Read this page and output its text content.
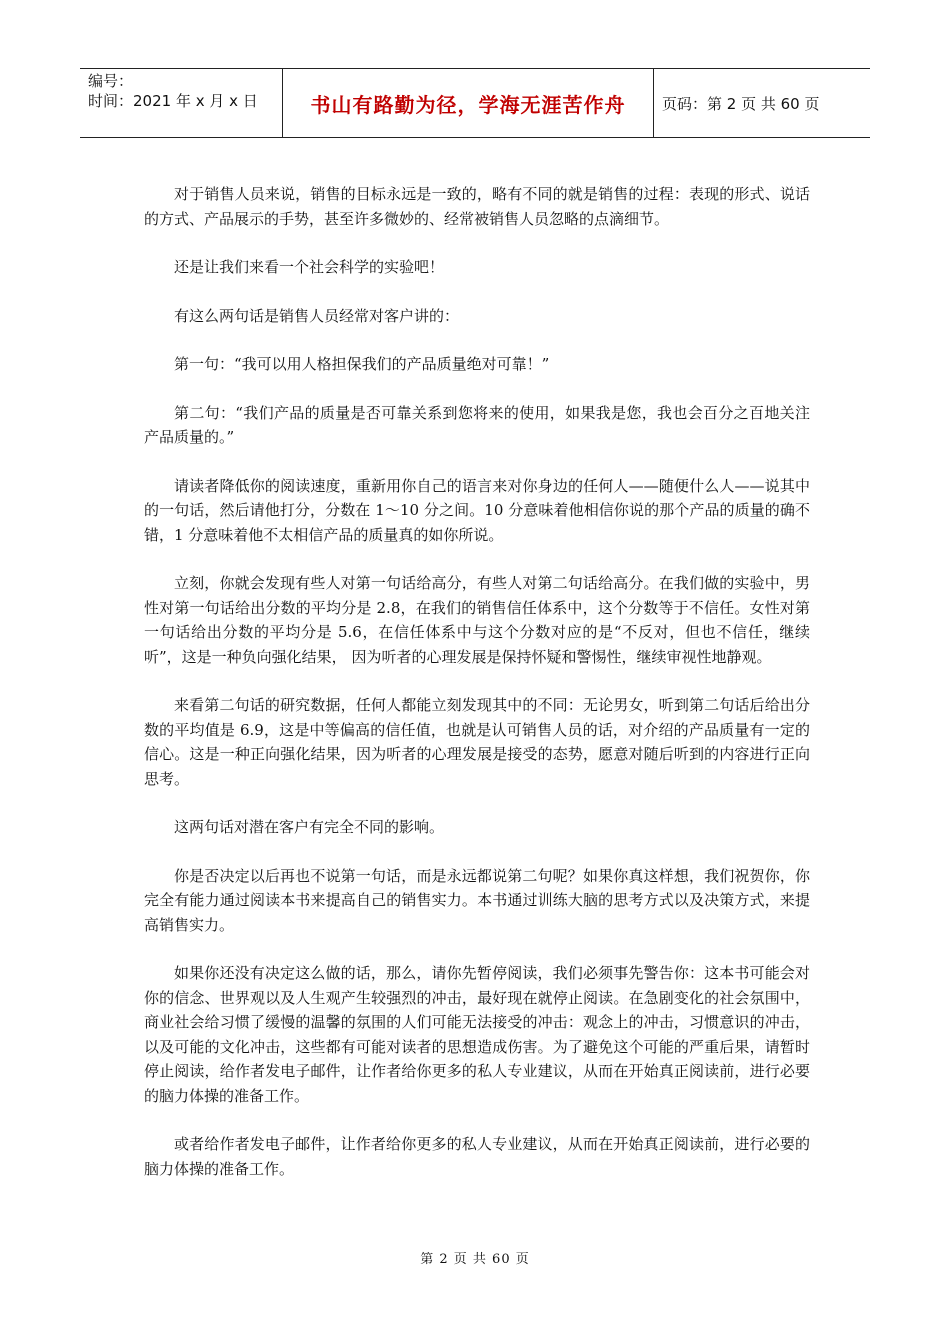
编号：
时间：2021 年 x 月 x 日	书山有路勤为径，学海无涯苦作舟	页码：第 2 页 共 60 页

对于销售人员来说，销售的目标永远是一致的，略有不同的就是销售的过程：表现的形式、说话的方式、产品展示的手势，甚至许多微妙的、经常被销售人员忽略的点滴细节。

还是让我们来看一个社会科学的实验吧！

有这么两句话是销售人员经常对客户讲的：

第一句：“我可以用人格担保我们的产品质量绝对可靠！”

第二句：“我们产品的质量是否可靠关系到您将来的使用，如果我是您，我也会百分之百地关注产品质量的。”

请读者降低你的阅读速度，重新用你自己的语言来对你身边的任何人——随便什么人——说其中的一句话，然后请他打分，分数在 1～10 分之间。10 分意味着他相信你说的那个产品的质量的确不错，1 分意味着他不太相信产品的质量真的如你所说。

立刻，你就会发现有些人对第一句话给高分，有些人对第二句话给高分。在我们做的实验中，男性对第一句话给出分数的平均分是 2.8，在我们的销售信任体系中，这个分数等于不信任。女性对第一句话给出分数的平均分是 5.6，在信任体系中与这个分数对应的是“不反对，但也不信任，继续听”，这是一种负向强化结果， 因为听者的心理发展是保持怀疑和警惕性，继续审视性地静观。

来看第二句话的研究数据，任何人都能立刻发现其中的不同：无论男女，听到第二句话后给出分数的平均值是 6.9，这是中等偏高的信任值，也就是认可销售人员的话，对介绍的产品质量有一定的信心。这是一种正向强化结果，因为听者的心理发展是接受的态势，愿意对随后听到的内容进行正向思考。

这两句话对潜在客户有完全不同的影响。

你是否决定以后再也不说第一句话，而是永远都说第二句呢？如果你真这样想，我们祝贺你，你完全有能力通过阅读本书来提高自己的销售实力。本书通过训练大脑的思考方式以及决策方式，来提高销售实力。

如果你还没有决定这么做的话，那么，请你先暂停阅读，我们必须事先警告你：这本书可能会对你的信念、世界观以及人生观产生较强烈的冲击，最好现在就停止阅读。在急剧变化的社会氛围中，商业社会给习惯了缓慢的温馨的氛围的人们可能无法接受的冲击：观念上的冲击，习惯意识的冲击，以及可能的文化冲击，这些都有可能对读者的思想造成伤害。为了避免这个可能的严重后果，请暂时停止阅读，给作者发电子邮件，让作者给你更多的私人专业建议，从而在开始真正阅读前，进行必要的脑力体操的准备工作。

或者给作者发电子邮件，让作者给你更多的私人专业建议，从而在开始真正阅读前，进行必要的脑力体操的准备工作。

第 2 页 共 60 页
